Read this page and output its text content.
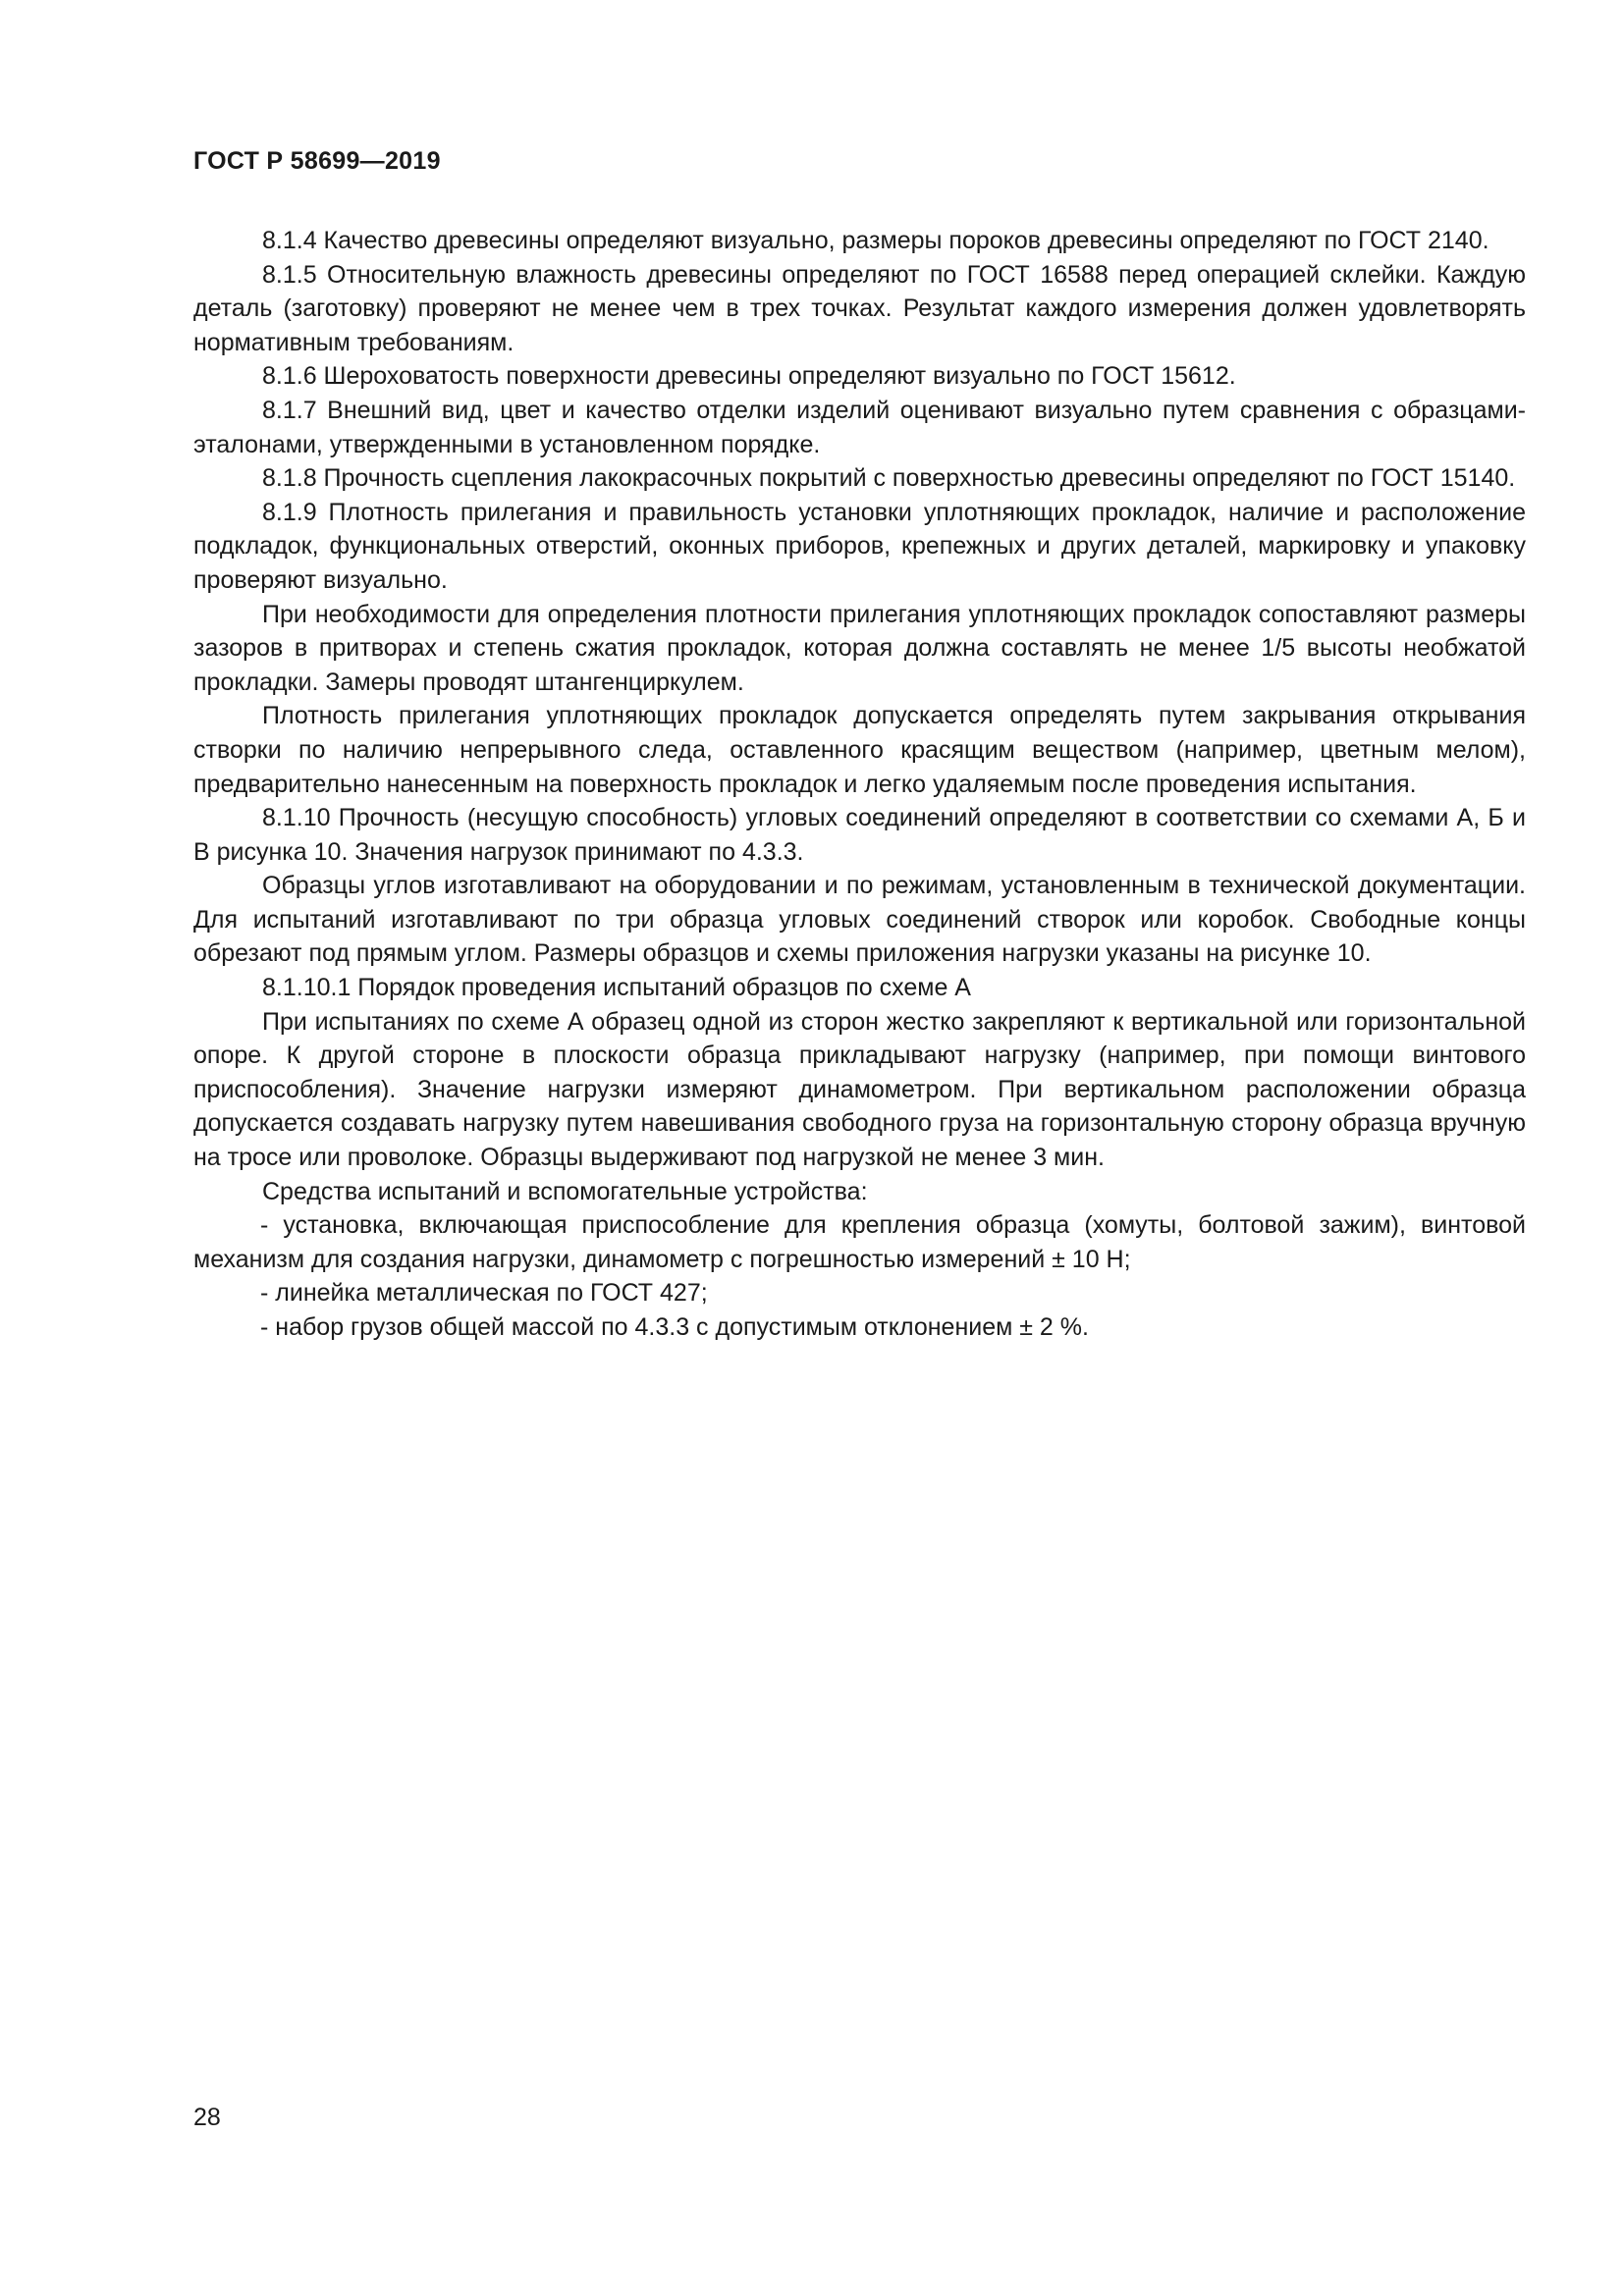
ГОСТ Р 58699—2019

8.1.4 Качество древесины определяют визуально, размеры пороков древесины определяют по ГОСТ 2140.

8.1.5 Относительную влажность древесины определяют по ГОСТ 16588 перед операцией склейки. Каждую деталь (заготовку) проверяют не менее чем в трех точках. Результат каждого измерения должен удовлетворять нормативным требованиям.

8.1.6 Шероховатость поверхности древесины определяют визуально по ГОСТ 15612.

8.1.7 Внешний вид, цвет и качество отделки изделий оценивают визуально путем сравнения с образцами-эталонами, утвержденными в установленном порядке.

8.1.8 Прочность сцепления лакокрасочных покрытий с поверхностью древесины определяют по ГОСТ 15140.

8.1.9 Плотность прилегания и правильность установки уплотняющих прокладок, наличие и расположение подкладок, функциональных отверстий, оконных приборов, крепежных и других деталей, маркировку и упаковку проверяют визуально.

При необходимости для определения плотности прилегания уплотняющих прокладок сопоставляют размеры зазоров в притворах и степень сжатия прокладок, которая должна составлять не менее 1/5 высоты необжатой прокладки. Замеры проводят штангенциркулем.

Плотность прилегания уплотняющих прокладок допускается определять путем закрывания открывания створки по наличию непрерывного следа, оставленного красящим веществом (например, цветным мелом), предварительно нанесенным на поверхность прокладок и легко удаляемым после проведения испытания.

8.1.10 Прочность (несущую способность) угловых соединений определяют в соответствии со схемами А, Б и В рисунка 10. Значения нагрузок принимают по 4.3.3.

Образцы углов изготавливают на оборудовании и по режимам, установленным в технической документации. Для испытаний изготавливают по три образца угловых соединений створок или коробок. Свободные концы обрезают под прямым углом. Размеры образцов и схемы приложения нагрузки указаны на рисунке 10.

8.1.10.1 Порядок проведения испытаний образцов по схеме А

При испытаниях по схеме А образец одной из сторон жестко закрепляют к вертикальной или горизонтальной опоре. К другой стороне в плоскости образца прикладывают нагрузку (например, при помощи винтового приспособления). Значение нагрузки измеряют динамометром. При вертикальном расположении образца допускается создавать нагрузку путем навешивания свободного груза на горизонтальную сторону образца вручную на тросе или проволоке. Образцы выдерживают под нагрузкой не менее 3 мин.

Средства испытаний и вспомогательные устройства:

- установка, включающая приспособление для крепления образца (хомуты, болтовой зажим), винтовой механизм для создания нагрузки, динамометр с погрешностью измерений ± 10 Н;

- линейка металлическая по ГОСТ 427;

- набор грузов общей массой по 4.3.3 с допустимым отклонением ± 2 %.

28
